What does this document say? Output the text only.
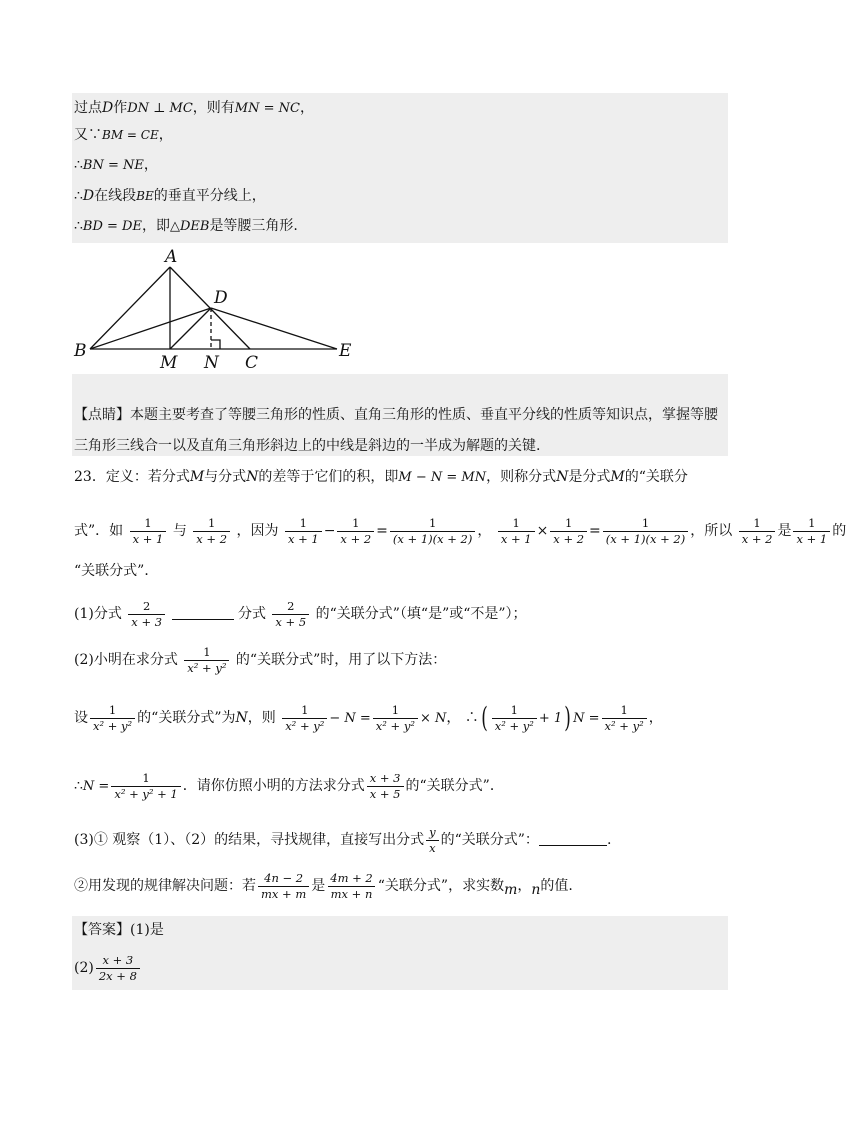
过点D作DN ⊥ MC，则有MN = NC，
又∵BM = CE，
∴BN = NE，
∴D在线段BE的垂直平分线上，
∴BD = DE，即△DEB是等腰三角形.
A
D
B
M N C
E
【点睛】本题主要考查了等腰三角形的性质、直角三角形的性质、垂直平分线的性质等知识点，掌握等腰
三角形三线合一以及直角三角形斜边上的中线是斜边的一半成为解题的关键.
23．定义：若分式M与分式N的差等于它们的积，即M − N = MN，则称分式N是分式M的“关联分
式”．如 $\frac{1}{x + 1}$ 与 $\frac{1}{x + 2}$ ，因为 $\frac{1}{x + 1} - \frac{1}{x + 2} = \frac{1}{(x + 1)(x + 2)}$ ， $\frac{1}{x + 1} \times \frac{1}{x + 2} = \frac{1}{(x + 1)(x + 2)}$ ，所以 $\frac{1}{x + 2}$ 是 $\frac{1}{x + 1}$ 的
“关联分式”．
(1)分式 $\frac{2}{x + 3}$	分式 $\frac{2}{x + 5}$ 的“关联分式”（填“是”或“不是”）；
(2)小明在求分式 $\frac{1}{\text{x² + y²}}$ 的“关联分式”时，用了以下方法：
设 $\frac{1}{\text{x² + y²}}$ 的“关联分式”为N，则 $\frac{1}{\text{x² + y²}} - N = \frac{1}{\text{x² + y²}} \times N$， ∴( $\frac{1}{\text{x² + y²}} + 1$) $N = \frac{1}{\text{x² + y²}}$ ，
∴N = $\frac{1}{\text{x² + y² + 1}}$ ．请你仿照小明的方法求分式 $\frac{x + 3}{x + 5}$ 的“关联分式”．
(3)① 观察（1）、（2）的结果，寻找规律，直接写出分式 $\frac{y}{x}$ 的“关联分式”：	.
②用发现的规律解决问题：若 $\frac{4n - 2}{mx + m}$ 是 $\frac{4m + 2}{mx + n}$ “关联分式”，求实数m，n的值.
【答案】(1)是
$(2) \frac{x + 3}{2x + 8}$
